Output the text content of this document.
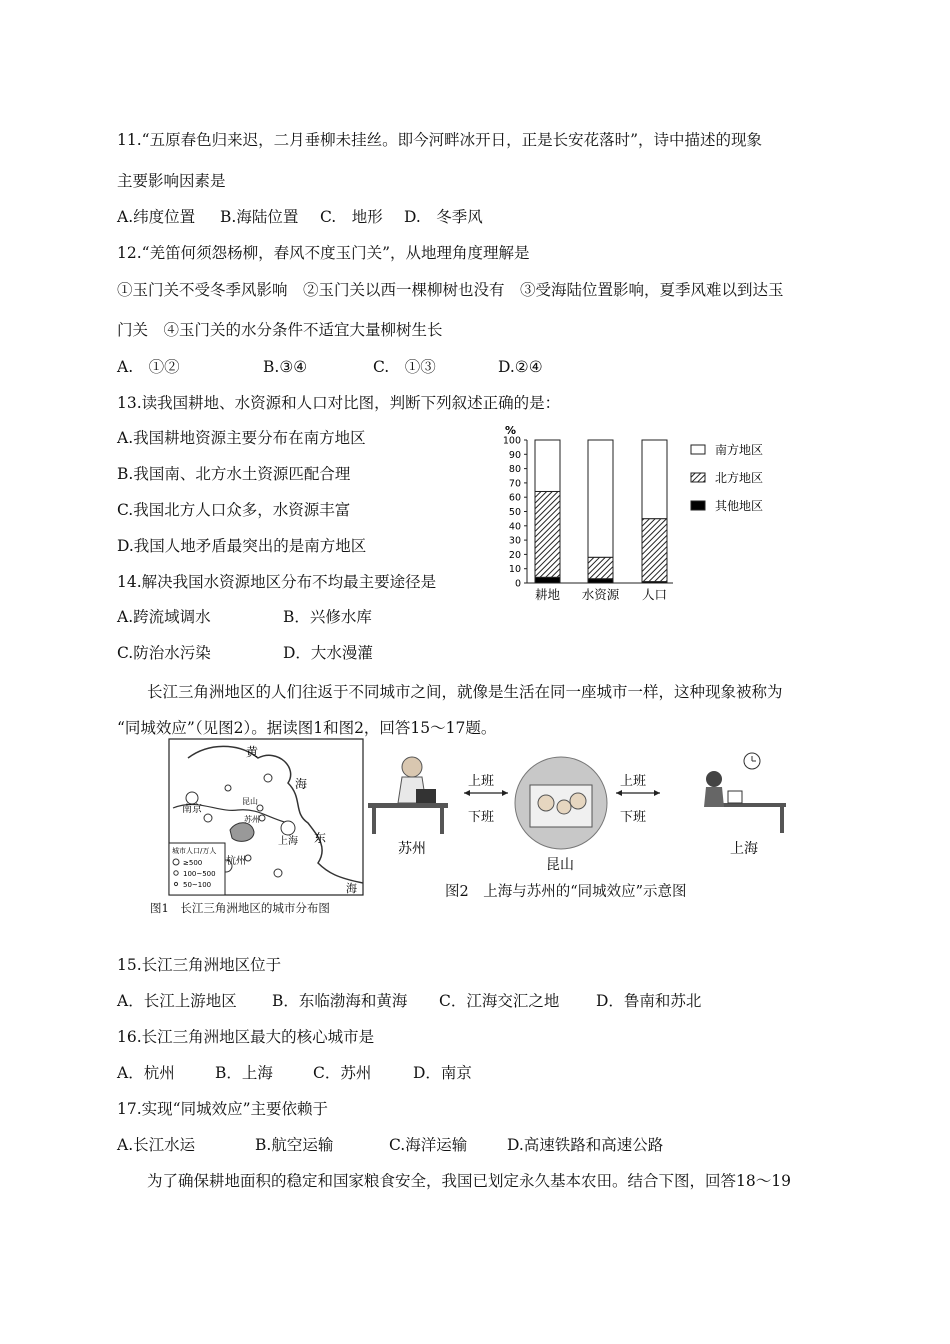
11.“五原春色归来迟，二月垂柳未挂丝。即今河畔冰开日，正是长安花落时”，诗中描述的现象
主要影响因素是
A.纬度位置 B.海陆位置 C.　地形 D.　冬季风
12.“羌笛何须怨杨柳，春风不度玉门关”，从地理角度理解是
①玉门关不受冬季风影响　②玉门关以西一棵柳树也没有　③受海陆位置影响，夏季风难以到达玉
门关　④玉门关的水分条件不适宜大量柳树生长
A.　①②	B.③④	C.　①③	D.②④
13.读我国耕地、水资源和人口对比图，判断下列叙述正确的是：
A.我国耕地资源主要分布在南方地区
B.我国南、北方水土资源匹配合理
C.我国北方人口众多，水资源丰富
D.我国人地矛盾最突出的是南方地区
14.解决我国水资源地区分布不均最主要途径是
A.跨流域调水	B．兴修水库
C.防治水污染	D．大水漫灌
%
0
10
20
30
40
50
60
70
80
90
100
耕地 水资源 人口
南方地区
北方地区
其他地区
长江三角洲地区的人们往返于不同城市之间，就像是生活在同一座城市一样，这种现象被称为
“同城效应”（见图2）。据读图1和图2，回答15～17题。
黄
海
南京
昆山
苏州
上海 东
杭州
海
城市人口/万人
≥500
100~500
50~100
图1　长江三角洲地区的城市分布图
苏州
上班
下班
昆山
上班
下班
上海
图2　上海与苏州的“同城效应”示意图
15.长江三角洲地区位于
A．长江上游地区 B．东临渤海和黄海 C．江海交汇之地 D．鲁南和苏北
16.长江三角洲地区最大的核心城市是
A．杭州	B．上海	C．苏州	D．南京
17.实现“同城效应”主要依赖于
A.长江水运	B.航空运输	C.海洋运输	D.高速铁路和高速公路
为了确保耕地面积的稳定和国家粮食安全，我国已划定永久基本农田。结合下图，回答18～19
